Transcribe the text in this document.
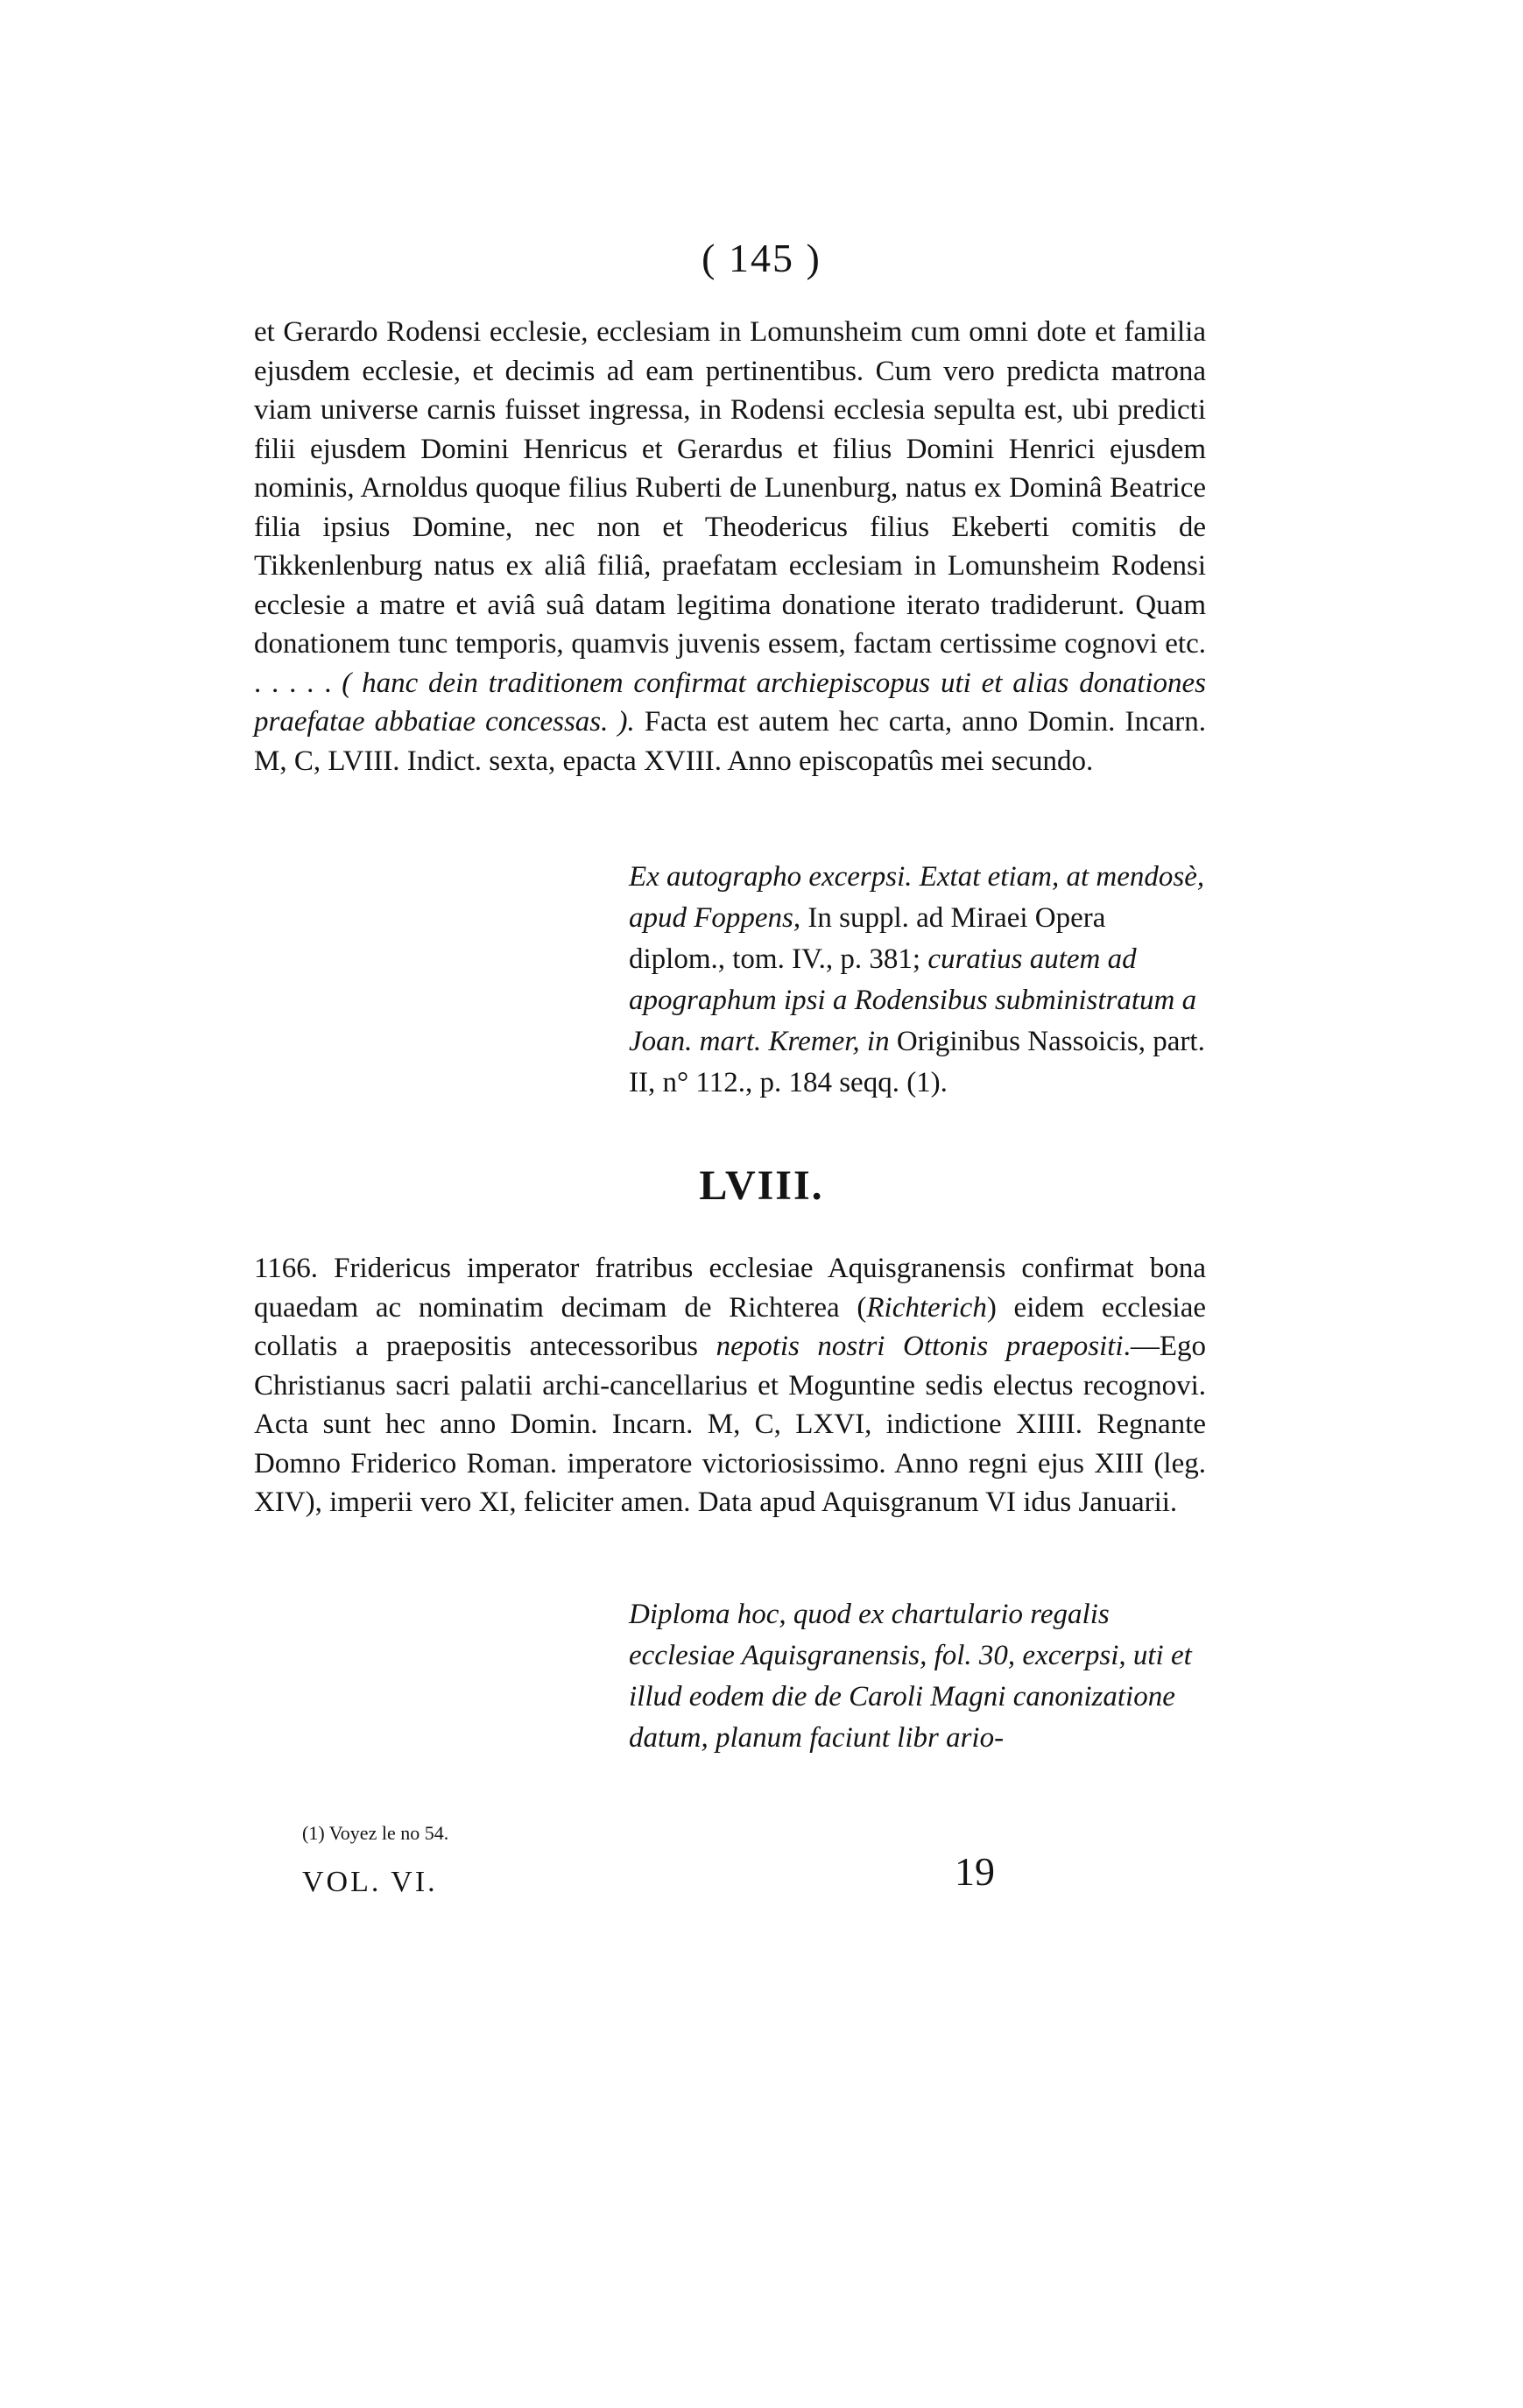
( 145 )

et Gerardo Rodensi ecclesie, ecclesiam in Lomunsheim cum omni dote et familia ejusdem ecclesie, et decimis ad eam pertinentibus. Cum vero predicta matrona viam universe carnis fuisset ingressa, in Rodensi ecclesia sepulta est, ubi predicti filii ejusdem Domini Henricus et Gerardus et filius Domini Henrici ejusdem nominis, Arnoldus quoque filius Ruberti de Lunenburg, natus ex Dominâ Beatrice filia ipsius Domine, nec non et Theodericus filius Ekeberti comitis de Tikkenlenburg natus ex aliâ filiâ, praefatam ecclesiam in Lomunsheim Rodensi ecclesie a matre et aviâ suâ datam legitima donatione iterato tradiderunt. Quam donationem tunc temporis, quamvis juvenis essem, factam certissime cognovi etc. . . . . . ( hanc dein traditionem confirmat archiepiscopus uti et alias donationes praefatae abbatiae concessas. ). Facta est autem hec carta, anno Domin. Incarn. M, C, LVIII. Indict. sexta, epacta XVIII. Anno episcopatûs mei secundo.

Ex autographo excerpsi. Extat etiam, at mendosè, apud Foppens, In suppl. ad Miraei Opera diplom., tom. IV., p. 381; curatius autem ad apographum ipsi a Rodensibus subministratum a Joan. mart. Kremer, in Originibus Nassoicis, part. II, n° 112., p. 184 seqq. (1).
LVIII.

1166. Fridericus imperator fratribus ecclesiae Aquisgranensis confirmat bona quaedam ac nominatim decimam de Richterea (Richterich) eidem ecclesiae collatis a praepositis antecessoribus nepotis nostri Ottonis praepositi.—Ego Christianus sacri palatii archi-cancellarius et Moguntine sedis electus recognovi. Acta sunt hec anno Domin. Incarn. M, C, LXVI, indictione XIIII. Regnante Domno Friderico Roman. imperatore victoriosissimo. Anno regni ejus XIII (leg. XIV), imperii vero XI, feliciter amen. Data apud Aquisgranum VI idus Januarii.

Diploma hoc, quod ex chartulario regalis ecclesiae Aquisgranensis, fol. 30, excerpsi, uti et illud eodem die de Caroli Magni canonizatione datum, planum faciunt libr ario-
(1) Voyez le no 54.
VOL. VI.	19
